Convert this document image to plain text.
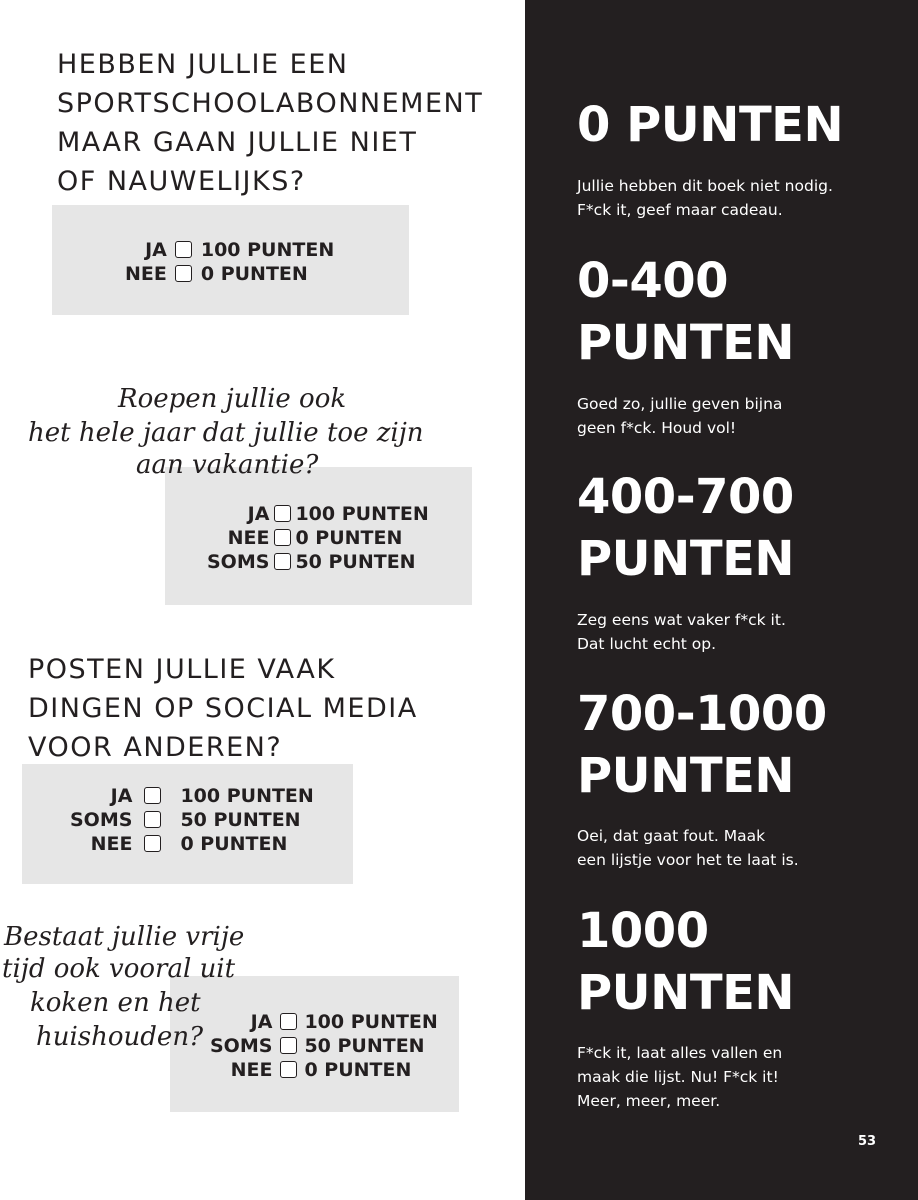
HEBBEN JULLIE EEN
SPORTSCHOOLABONNEMENT
MAAR GAAN JULLIE NIET
OF NAUWELIJKS?
JA		100 PUNTEN
NEE		0 PUNTEN
Roepen jullie ook
het hele jaar dat jullie toe zijn
aan vakantie?
JA		100 PUNTEN
NEE		0 PUNTEN
SOMS		50 PUNTEN
POSTEN JULLIE VAAK
DINGEN OP SOCIAL MEDIA
VOOR ANDEREN?
JA		100 PUNTEN
SOMS		50 PUNTEN
NEE		0 PUNTEN
Bestaat jullie vrije
tijd ook vooral uit
koken en het
huishouden?	JA		100 PUNTEN
SOMS		50 PUNTEN
NEE		0 PUNTEN
0 PUNTEN

Jullie hebben dit boek niet nodig.
F*ck it, geef maar cadeau.

0-400
PUNTEN

Goed zo, jullie geven bijna
geen f*ck. Houd vol!

400-700
PUNTEN

Zeg eens wat vaker f*ck it.
Dat lucht echt op.

700-1000
PUNTEN

Oei, dat gaat fout. Maak
een lijstje voor het te laat is.

1000
PUNTEN

F*ck it, laat alles vallen en
maak die lijst. Nu! F*ck it!
Meer, meer, meer.

53
